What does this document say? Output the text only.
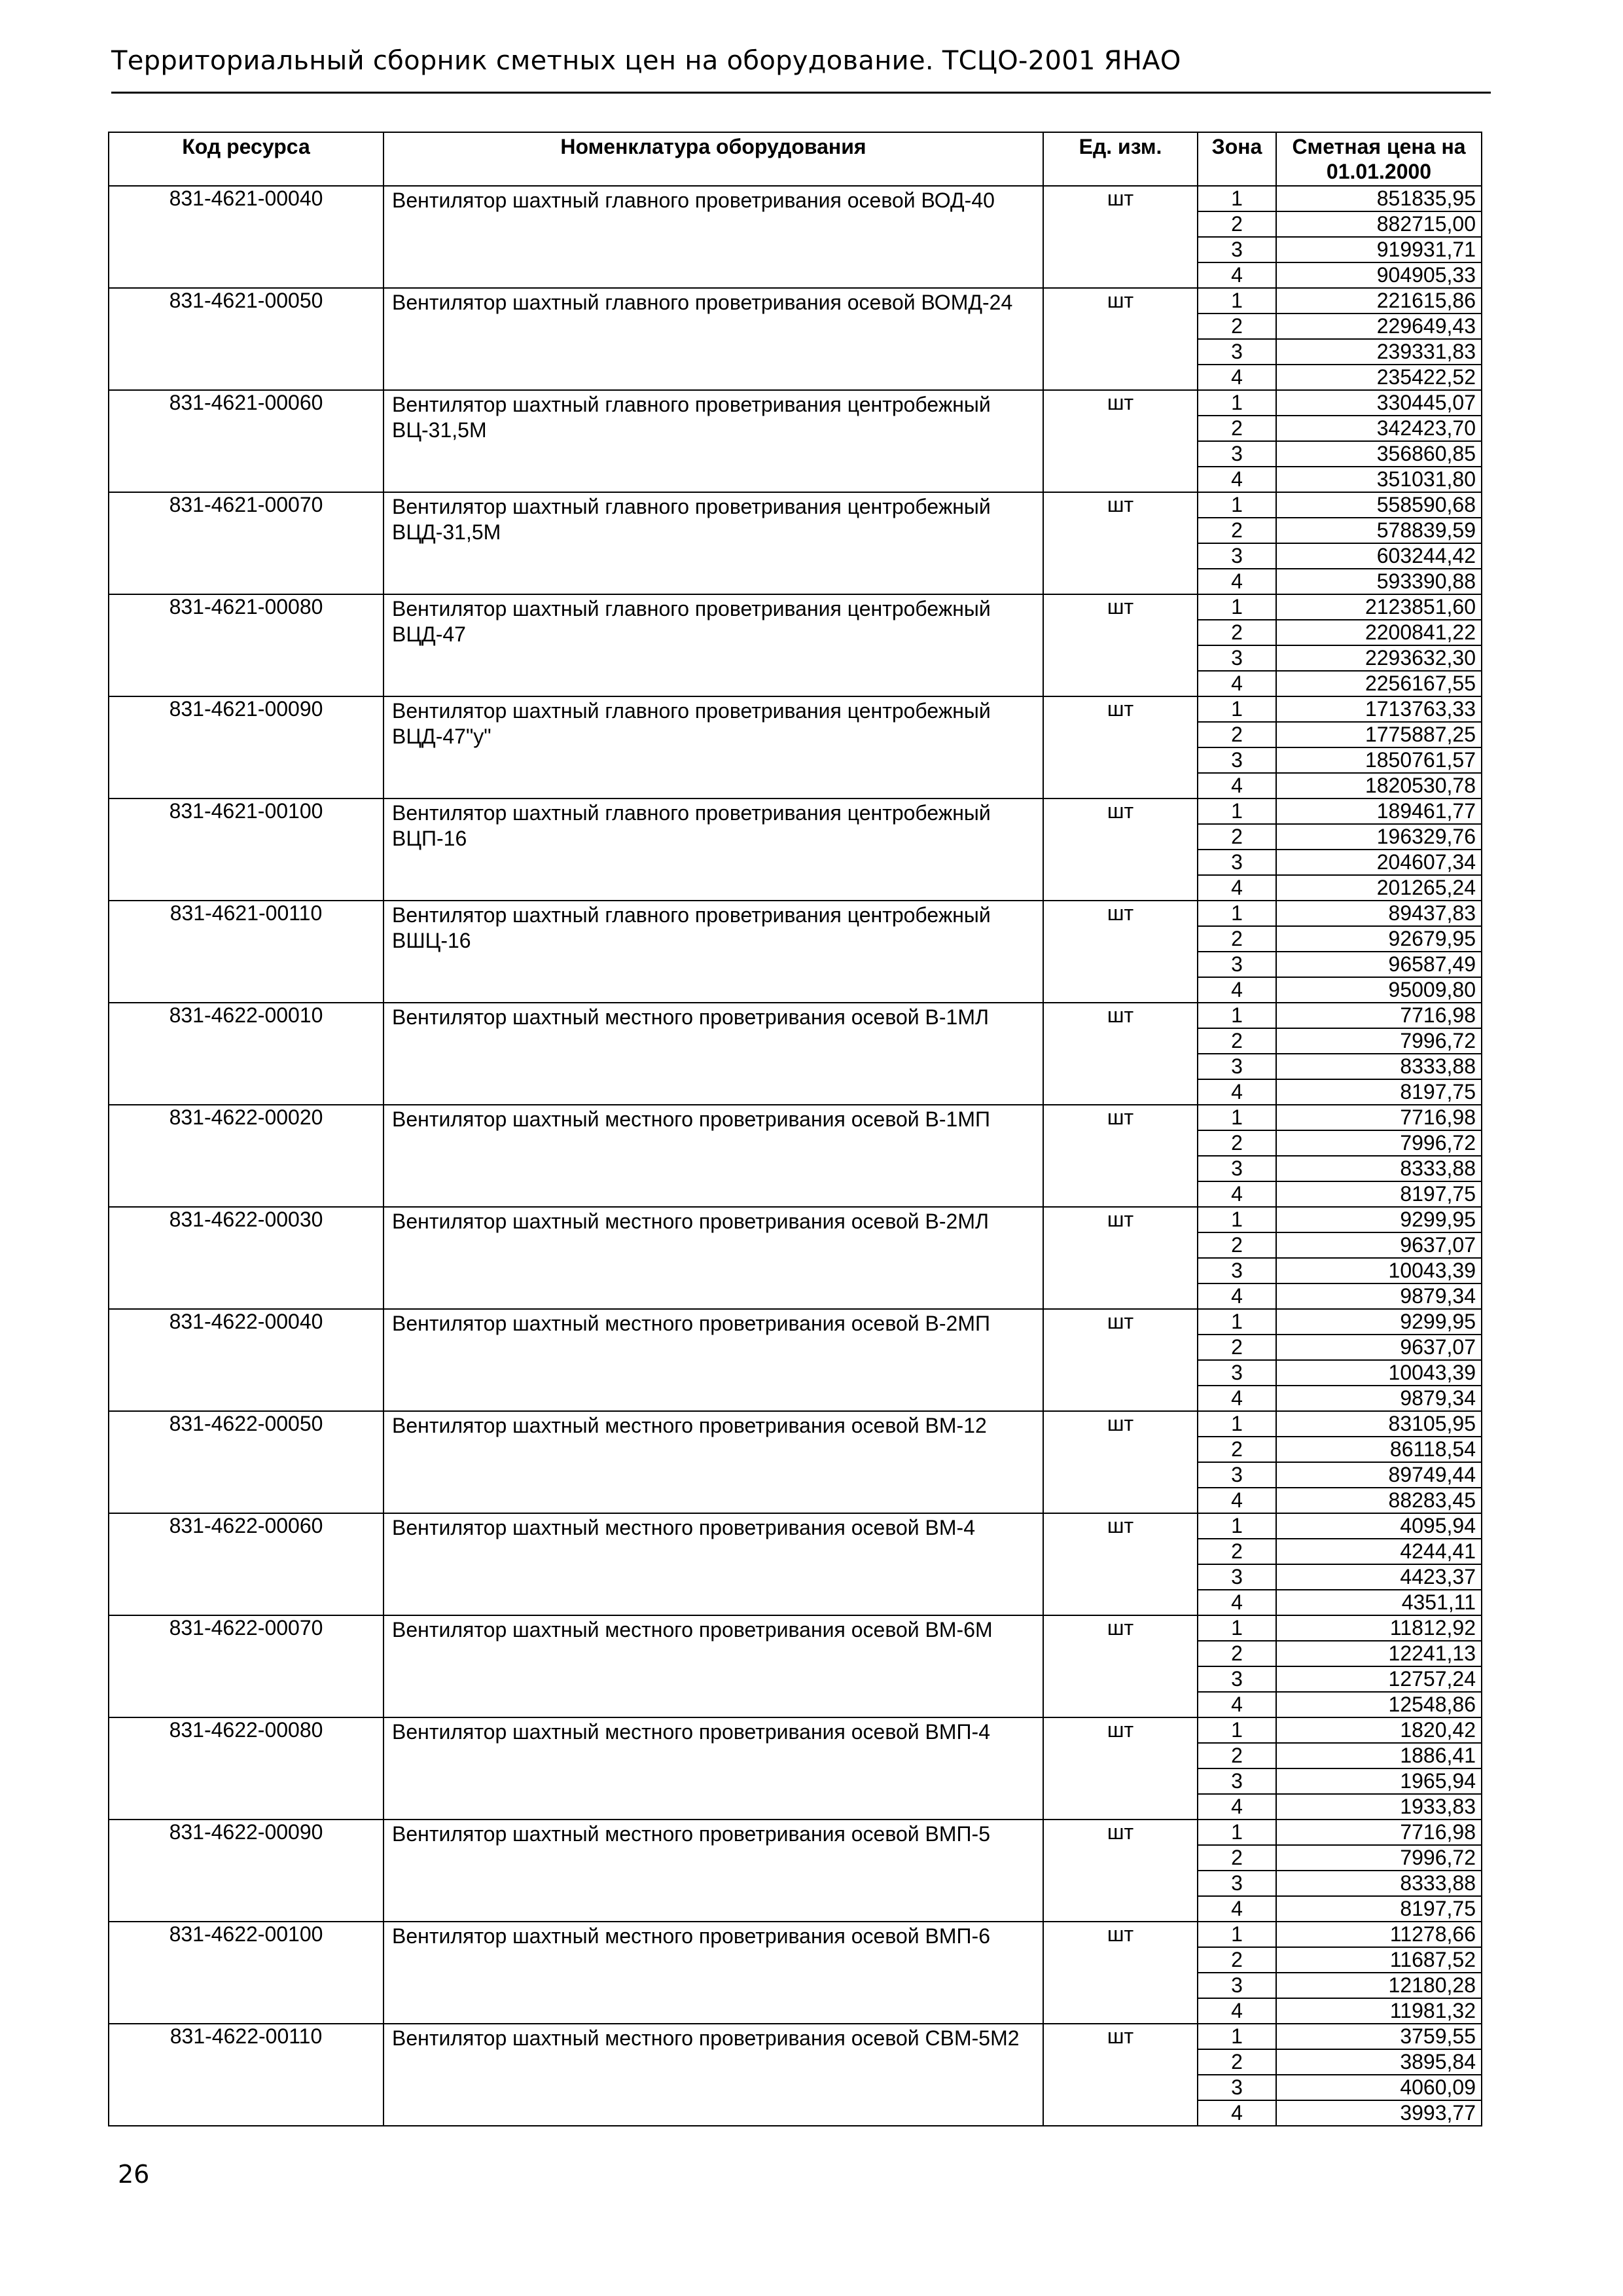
Территориальный сборник сметных цен на оборудование. ТСЦО-2001 ЯНАО
Код ресурса	Номенклатура оборудования	Ед. изм.	Зона	Сметная цена на 01.01.2000
831-4621-00040	Вентилятор шахтный главного проветривания осевой ВОД-40	шт	1	851835,95
			2	882715,00
			3	919931,71
			4	904905,33
831-4621-00050	Вентилятор шахтный главного проветривания осевой ВОМД-24	шт	1	221615,86
			2	229649,43
			3	239331,83
			4	235422,52
831-4621-00060	Вентилятор шахтный главного проветривания центробежный ВЦ-31,5М	шт	1	330445,07
			2	342423,70
			3	356860,85
			4	351031,80
831-4621-00070	Вентилятор шахтный главного проветривания центробежный ВЦД-31,5М	шт	1	558590,68
			2	578839,59
			3	603244,42
			4	593390,88
831-4621-00080	Вентилятор шахтный главного проветривания центробежный ВЦД-47	шт	1	2123851,60
			2	2200841,22
			3	2293632,30
			4	2256167,55
831-4621-00090	Вентилятор шахтный главного проветривания центробежный ВЦД-47"у"	шт	1	1713763,33
			2	1775887,25
			3	1850761,57
			4	1820530,78
831-4621-00100	Вентилятор шахтный главного проветривания центробежный ВЦП-16	шт	1	189461,77
			2	196329,76
			3	204607,34
			4	201265,24
831-4621-00110	Вентилятор шахтный главного проветривания центробежный ВШЦ-16	шт	1	89437,83
			2	92679,95
			3	96587,49
			4	95009,80
831-4622-00010	Вентилятор шахтный местного проветривания осевой В-1МЛ	шт	1	7716,98
			2	7996,72
			3	8333,88
			4	8197,75
831-4622-00020	Вентилятор шахтный местного проветривания осевой В-1МП	шт	1	7716,98
			2	7996,72
			3	8333,88
			4	8197,75
831-4622-00030	Вентилятор шахтный местного проветривания осевой В-2МЛ	шт	1	9299,95
			2	9637,07
			3	10043,39
			4	9879,34
831-4622-00040	Вентилятор шахтный местного проветривания осевой В-2МП	шт	1	9299,95
			2	9637,07
			3	10043,39
			4	9879,34
831-4622-00050	Вентилятор шахтный местного проветривания осевой ВМ-12	шт	1	83105,95
			2	86118,54
			3	89749,44
			4	88283,45
831-4622-00060	Вентилятор шахтный местного проветривания осевой ВМ-4	шт	1	4095,94
			2	4244,41
			3	4423,37
			4	4351,11
831-4622-00070	Вентилятор шахтный местного проветривания осевой ВМ-6М	шт	1	11812,92
			2	12241,13
			3	12757,24
			4	12548,86
831-4622-00080	Вентилятор шахтный местного проветривания осевой ВМП-4	шт	1	1820,42
			2	1886,41
			3	1965,94
			4	1933,83
831-4622-00090	Вентилятор шахтный местного проветривания осевой ВМП-5	шт	1	7716,98
			2	7996,72
			3	8333,88
			4	8197,75
831-4622-00100	Вентилятор шахтный местного проветривания осевой ВМП-6	шт	1	11278,66
			2	11687,52
			3	12180,28
			4	11981,32
831-4622-00110	Вентилятор шахтный местного проветривания осевой СВМ-5М2	шт	1	3759,55
			2	3895,84
			3	4060,09
			4	3993,77
26
